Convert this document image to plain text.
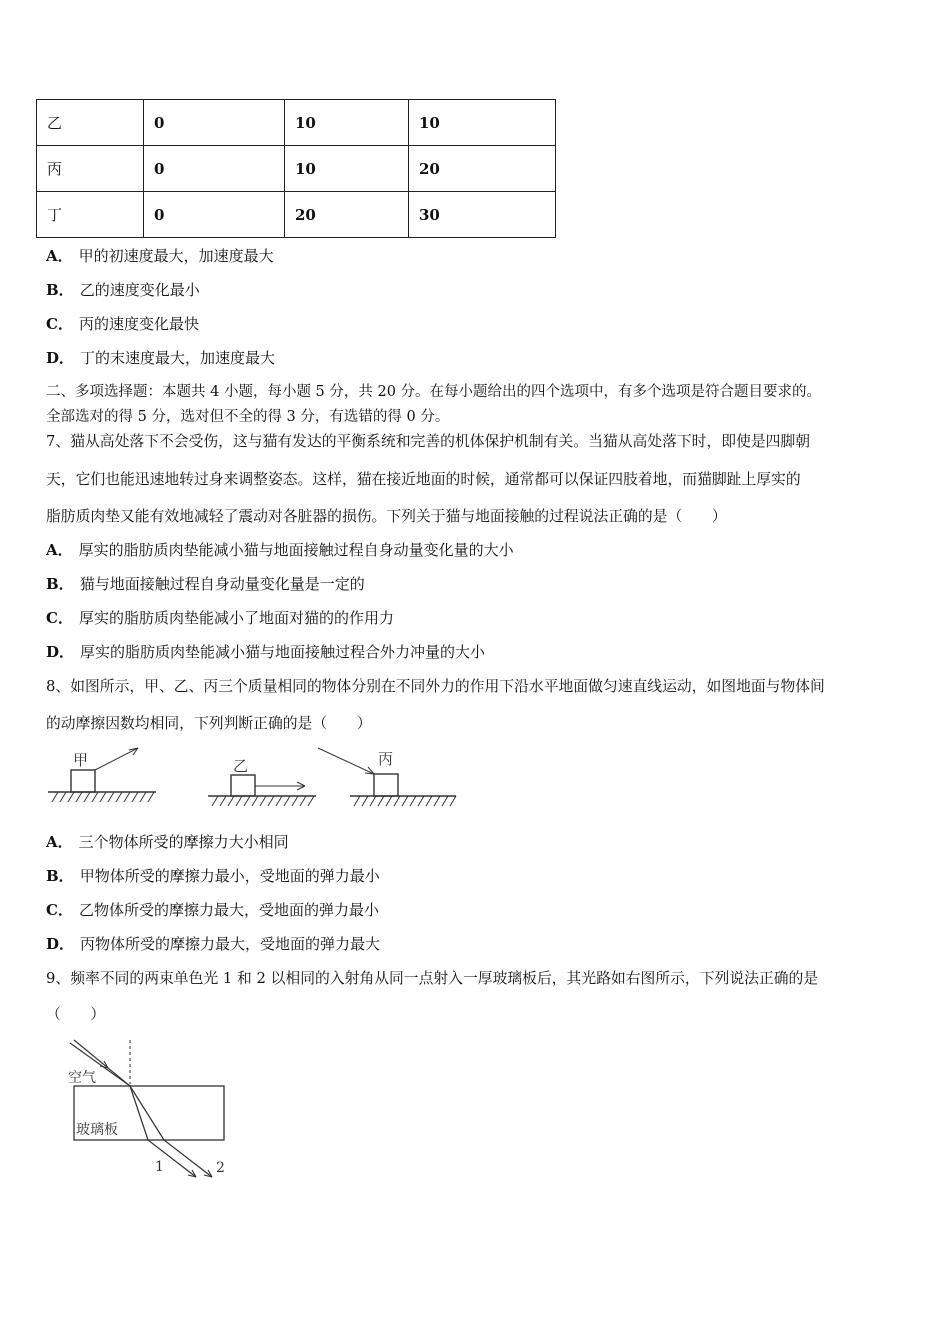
乙	0	10	10
丙	0	10	20
丁	0	20	30
A． 甲的初速度最大，加速度最大
B． 乙的速度变化最小
C． 丙的速度变化最快
D． 丁的末速度最大，加速度最大
二、多项选择题：本题共 4 小题，每小题 5 分，共 20 分。在每小题给出的四个选项中，有多个选项是符合题目要求的。
全部选对的得 5 分，选对但不全的得 3 分，有选错的得 0 分。
7、猫从高处落下不会受伤，这与猫有发达的平衡系统和完善的机体保护机制有关。当猫从高处落下时，即使是四脚朝
天，它们也能迅速地转过身来调整姿态。这样，猫在接近地面的时候，通常都可以保证四肢着地，而猫脚趾上厚实的
脂肪质肉垫又能有效地减轻了震动对各脏器的损伤。下列关于猫与地面接触的过程说法正确的是（　　）
A． 厚实的脂肪质肉垫能减小猫与地面接触过程自身动量变化量的大小
B． 猫与地面接触过程自身动量变化量是一定的
C． 厚实的脂肪质肉垫能减小了地面对猫的的作用力
D． 厚实的脂肪质肉垫能减小猫与地面接触过程合外力冲量的大小
8、如图所示，甲、乙、丙三个质量相同的物体分别在不同外力的作用下沿水平地面做匀速直线运动，如图地面与物体间
的动摩擦因数均相同，下列判断正确的是（　　）
甲	乙	丙
A． 三个物体所受的摩擦力大小相同
B． 甲物体所受的摩擦力最小，受地面的弹力最小
C． 乙物体所受的摩擦力最大，受地面的弹力最小
D． 丙物体所受的摩擦力最大，受地面的弹力最大
9、频率不同的两束单色光 1 和 2 以相同的入射角从同一点射入一厚玻璃板后，其光路如右图所示，下列说法正确的是
（　　）
空气
玻璃板
1	2
